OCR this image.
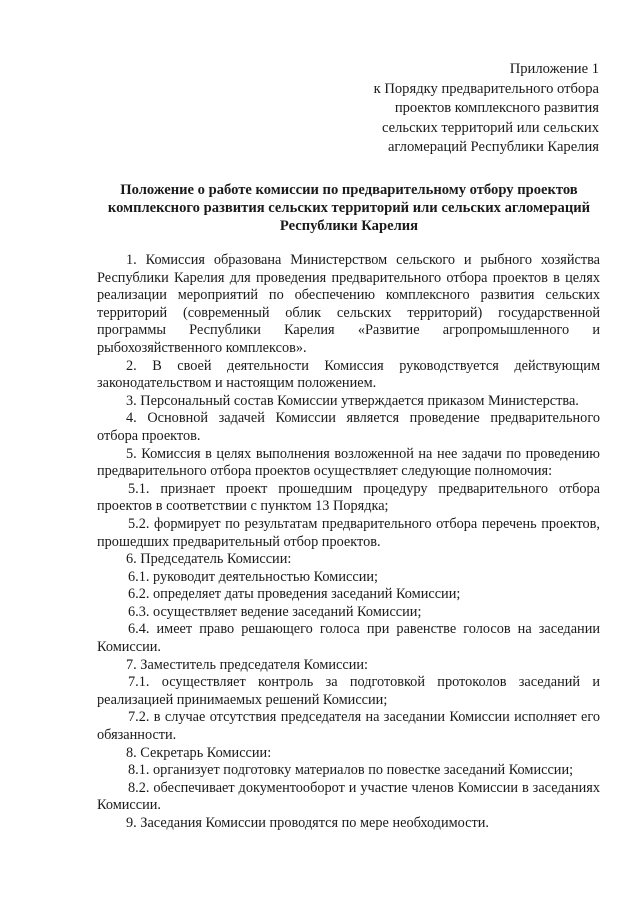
Приложение 1
к Порядку предварительного отбора
проектов комплексного развития
сельских территорий или сельских
агломераций Республики Карелия
Положение о работе комиссии по предварительному отбору проектов комплексного развития сельских территорий или сельских агломераций Республики Карелия

1. Комиссия образована Министерством сельского и рыбного хозяйства Республики Карелия для проведения предварительного отбора проектов в целях реализации мероприятий по обеспечению комплексного развития сельских территорий (современный облик сельских территорий) государственной программы Республики Карелия «Развитие агропромышленного и рыбохозяйственного комплексов».

2. В своей деятельности Комиссия руководствуется действующим законодательством и настоящим положением.

3. Персональный состав Комиссии утверждается приказом Министерства.

4. Основной задачей Комиссии является проведение предварительного отбора проектов.

5. Комиссия в целях выполнения возложенной на нее задачи по проведению предварительного отбора проектов осуществляет следующие полномочия:

5.1. признает проект прошедшим процедуру предварительного отбора проектов в соответствии с пунктом 13 Порядка;

5.2. формирует по результатам предварительного отбора перечень проектов, прошедших предварительный отбор проектов.

6. Председатель Комиссии:

6.1. руководит деятельностью Комиссии;

6.2. определяет даты проведения заседаний Комиссии;

6.3. осуществляет ведение заседаний Комиссии;

6.4. имеет право решающего голоса при равенстве голосов на заседании Комиссии.

7. Заместитель председателя Комиссии:

7.1. осуществляет контроль за подготовкой протоколов заседаний и реализацией принимаемых решений Комиссии;

7.2. в случае отсутствия председателя на заседании Комиссии исполняет его обязанности.

8. Секретарь Комиссии:

8.1. организует подготовку материалов по повестке заседаний Комиссии;

8.2. обеспечивает документооборот и участие членов Комиссии в заседаниях Комиссии.

9. Заседания Комиссии проводятся по мере необходимости.
